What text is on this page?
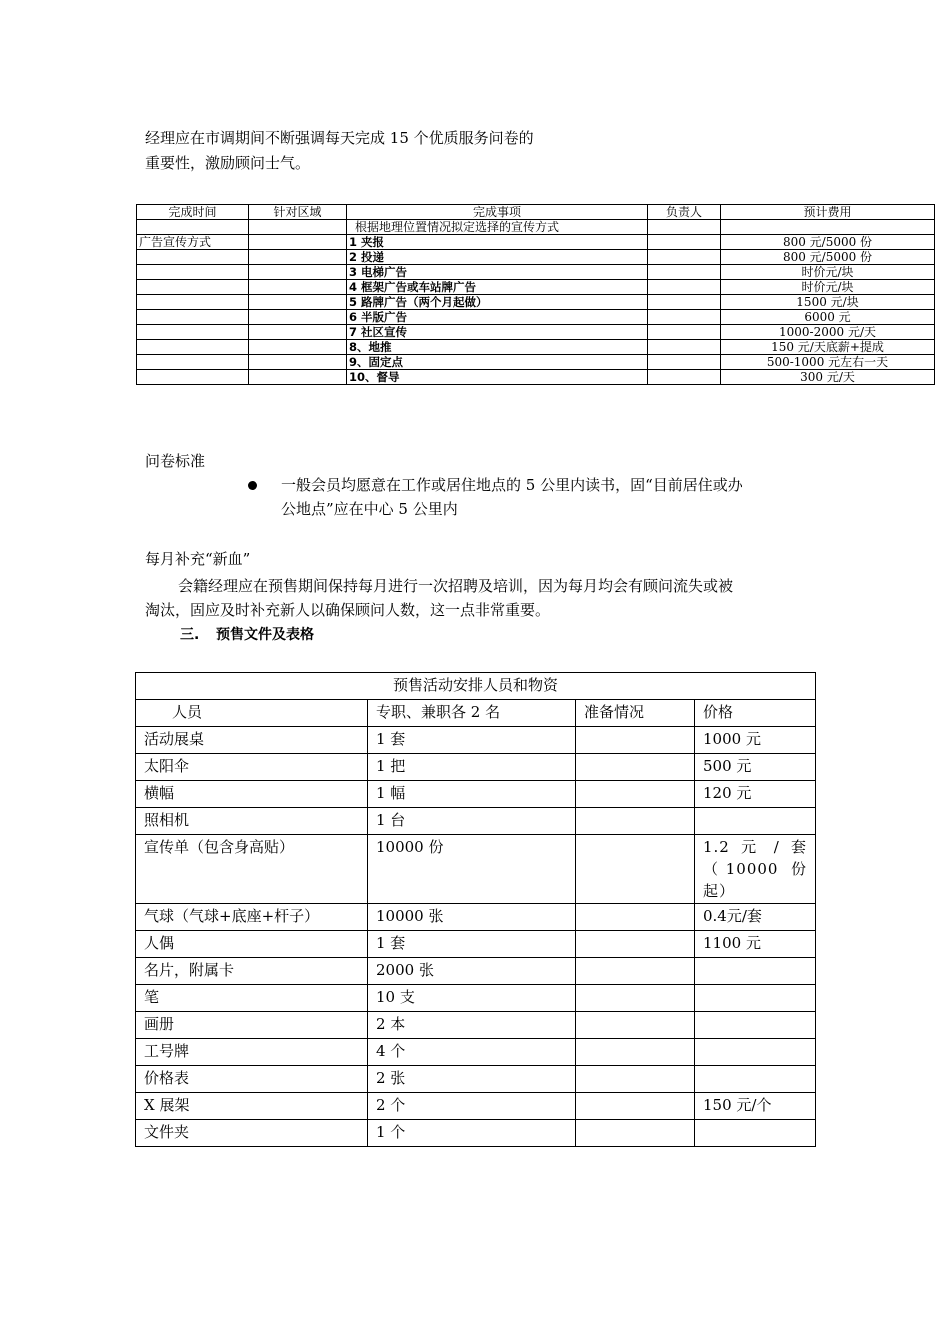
经理应在市调期间不断强调每天完成 15 个优质服务问卷的
重要性，激励顾问士气。
完成时间	针对区域	完成事项	负责人	预计费用
		根据地理位置情况拟定选择的宣传方式		
广告宣传方式		1 夹报		800 元/5000 份
		2 投递		800 元/5000 份
		3 电梯广告		时价元/块
		4 框架广告或车站牌广告		时价元/块
		5 路牌广告（两个月起做）		1500 元/块
		6 半版广告		6000 元
		7 社区宣传		1000-2000 元/天
		8、地推		150 元/天底薪+提成
		9、固定点		500-1000 元左右一天
		10、督导		300 元/天
问卷标准
一般会员均愿意在工作或居住地点的 5 公里内读书，固“目前居住或办
公地点”应在中心 5 公里内
每月补充“新血”
会籍经理应在预售期间保持每月进行一次招聘及培训，因为每月均会有顾问流失或被
淘汰，固应及时补充新人以确保顾问人数，这一点非常重要。
三. 预售文件及表格
预售活动安排人员和物资			
人员	专职、兼职各 2 名	准备情况	价格
活动展桌	1 套		1000 元
太阳伞	1 把		500 元
横幅	1 幅		120 元
照相机	1 台		
宣传单（包含身高贴）	10000 份		1.2 元 / 套（10000 份起）
气球（气球+底座+杆子）	10000 张		0.4元/套
人偶	1 套		1100 元
名片，附属卡	2000 张		
笔	10 支		
画册	2 本		
工号牌	4 个		
价格表	2 张		
X 展架	2 个		150 元/个
文件夹	1 个		
